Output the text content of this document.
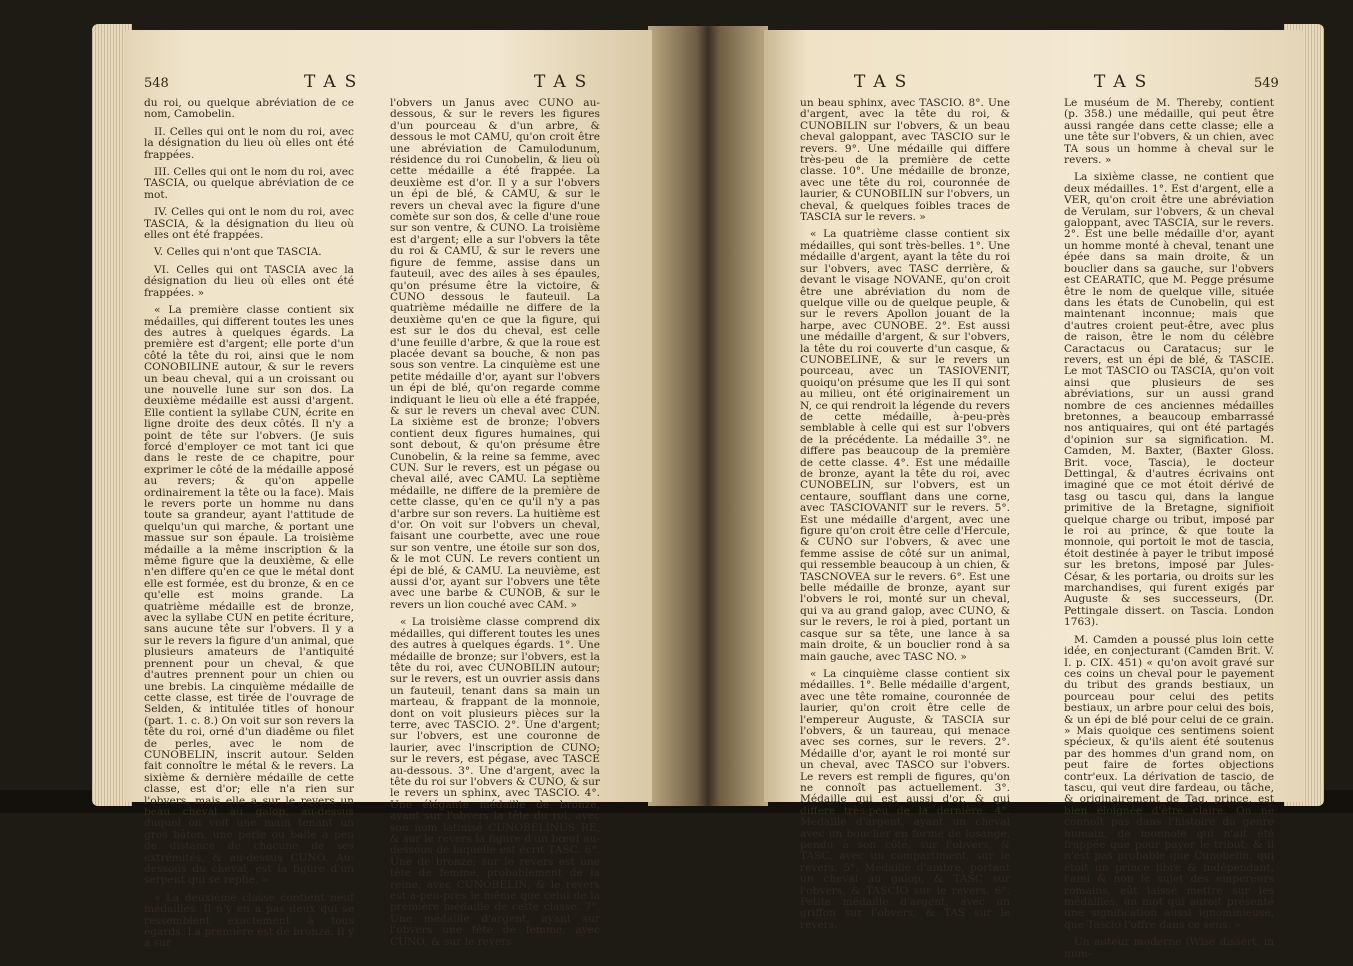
548	TAS	TAS

du roi, ou quelque abréviation de ce nom, Camobelin.

II. Celles qui ont le nom du roi, avec la désignation du lieu où elles ont été frappées.

III. Celles qui ont le nom du roi, avec TASCIA, ou quelque abréviation de ce mot.

IV. Celles qui ont le nom du roi, avec TASCIA, & la désignation du lieu où elles ont été frappées.

V. Celles qui n'ont que TASCIA.

VI. Celles qui ont TASCIA avec la désignation du lieu où elles ont été frappées. »

« La première classe contient six médailles, qui different toutes les unes des autres à quelques égards. La première est d'argent; elle porte d'un côté la tête du roi, ainsi que le nom CONOBILINE autour, & sur le revers un beau cheval, qui a un croissant ou une nouvelle lune sur son dos. La deuxième médaille est aussi d'argent. Elle contient la syllabe CUN, écrite en ligne droite des deux côtés. Il n'y a point de tête sur l'obvers. (Je suis forcé d'employer ce mot tant ici que dans le reste de ce chapitre, pour exprimer le côté de la médaille apposé au revers; & qu'on appelle ordinairement la tête ou la face). Mais le revers porte un homme nu dans toute sa grandeur, ayant l'attitude de quelqu'un qui marche, & portant une massue sur son épaule. La troisième médaille a la même inscription & la même figure que la deuxième, & elle n'en differe qu'en ce que le métal dont elle est formée, est du bronze, & en ce qu'elle est moins grande. La quatrième médaille est de bronze, avec la syllabe CUN en petite écriture, sans aucune tête sur l'obvers. Il y a sur le revers la figure d'un animal, que plusieurs amateurs de l'antiquité prennent pour un cheval, & que d'autres prennent pour un chien ou une brebis. La cinquième médaille de cette classe, est tirée de l'ouvrage de Selden, & intitulée titles of honour (part. 1. c. 8.) On voit sur son revers la tête du roi, orné d'un diadême ou filet de perles, avec le nom de CUNOBELIN, inscrit autour. Selden fait connoître le métal & le revers. La sixième & dernière médaille de cette classe, est d'or; elle n'a rien sur l'obvers, mais elle a sur le revers un beau cheval au galop, au-dessus duquel on voit une main tenant un gros bâton, une perle ou balle à peu de distance de chacune de ses extrémités, & au-dessus CUNO. Au-dessous du cheval, est la figure d'un serpent qui se replie. »

« La deuxième classe contient neuf médailles. Il n'y en a pas deux qui se ressemblent exactement à tous égards. La première est de bronze. Il y a sur

l'obvers un Janus avec CUNO au-dessous, & sur le revers les figures d'un pourceau & d'un arbre, & dessous le mot CAMU, qu'on croit être une abréviation de Camulodunum, résidence du roi Cunobelin, & lieu où cette médaille a été frappée. La deuxième est d'or. Il y a sur l'obvers un épi de blé, & CAMU, & sur le revers un cheval avec la figure d'une comète sur son dos, & celle d'une roue sur son ventre, & CUNO. La troisième est d'argent; elle a sur l'obvers la tête du roi & CAMU, & sur le revers une figure de femme, assise dans un fauteuil, avec des ailes à ses épaules, qu'on présume être la victoire, & CUNO dessous le fauteuil. La quatrième médaille ne differe de la deuxième qu'en ce que la figure, qui est sur le dos du cheval, est celle d'une feuille d'arbre, & que la roue est placée devant sa bouche, & non pas sous son ventre. La cinquième est une petite médaille d'or, ayant sur l'obvers un épi de blé, qu'on regarde comme indiquant le lieu où elle a été frappée, & sur le revers un cheval avec CUN. La sixième est de bronze; l'obvers contient deux figures humaines, qui sont debout, & qu'on présume être Cunobelin, & la reine sa femme, avec CUN. Sur le revers, est un pégase ou cheval ailé, avec CAMU. La septième médaille, ne differe de la première de cette classe, qu'en ce qu'il n'y a pas d'arbre sur son revers. La huitième est d'or. On voit sur l'obvers un cheval, faisant une courbette, avec une roue sur son ventre, une étoile sur son dos, & le mot CUN. Le revers contient un épi de blé, & CAMU. La neuvième, est aussi d'or, ayant sur l'obvers une tête avec une barbe & CUNOB, & sur le revers un lion couché avec CAM. »

« La troisième classe comprend dix médailles, qui different toutes les unes des autres à quelques égards. 1°. Une médaille de bronze; sur l'obvers, est la tête du roi, avec CUNOBILIN autour; sur le revers, est un ouvrier assis dans un fauteuil, tenant dans sa main un marteau, & frappant de la monnoie, dont on voit plusieurs pièces sur la terre, avec TASCIO. 2°. Une d'argent; sur l'obvers, est une couronne de laurier, avec l'inscription de CUNO; sur le revers, est pégase, avec TASCE au-dessous. 3°. Une d'argent, avec la tête du roi sur l'obvers & CUNO, & sur le revers un sphinx, avec TASCIO. 4°. Une élégante médaille de bronze, ayant sur l'obvers la tête du roi, avec son nom latinisé CUNOBELINUS RE, & sur le revers la figure d'un bœuf au-dessous de laquelle est écrit TASC. 6°. Une de bronze; sur le revers est une tête de femme, probablement de la reine, avec CUNOBELIN, & le revers est à-peu-près le même que celui de la première médaille de cette classe. 7°. Une médaille d'argent, ayant sur l'obvers une tête de femme, avec CUNO, & sur le revers

TAS	TAS	549

un beau sphinx, avec TASCIO. 8°. Une d'argent, avec la tête du roi, & CUNOBILIN sur l'obvers, & un beau cheval galoppant, avec TASCIO sur le revers. 9°. Une médaille qui differe très-peu de la première de cette classe. 10°. Une médaille de bronze, avec une tête du roi, couronnée de laurier, & CUNOBILIN sur l'obvers, un cheval, & quelques foibles traces de TASCIA sur le revers. »

« La quatrième classe contient six médailles, qui sont très-belles. 1°. Une médaille d'argent, ayant la tête du roi sur l'obvers, avec TASC derrière, & devant le visage NOVANE, qu'on croit être une abréviation du nom de quelque ville ou de quelque peuple, & sur le revers Apollon jouant de la harpe, avec CUNOBE. 2°. Est aussi une médaille d'argent, & sur l'obvers, la tête du roi couverte d'un casque, & CUNOBELINE, & sur le revers un pourceau, avec un TASIOVENIT, quoiqu'on présume que les II qui sont au milieu, ont été originairement un N, ce qui rendroit la légende du revers de cette médaille, à-peu-près semblable à celle qui est sur l'obvers de la précédente. La médaille 3°. ne differe pas beaucoup de la première de cette classe. 4°. Est une médaille de bronze, ayant la tête du roi, avec CUNOBELIN, sur l'obvers, est un centaure, soufflant dans une corne, avec TASCIOVANIT sur le revers. 5°. Est une médaille d'argent, avec une figure qu'on croit être celle d'Hercule, & CUNO sur l'obvers, & avec une femme assise de côté sur un animal, qui ressemble beaucoup à un chien, & TASCNOVEA sur le revers. 6°. Est une belle médaille de bronze, ayant sur l'obvers le roi, monté sur un cheval, qui va au grand galop, avec CUNO, & sur le revers, le roi à pied, portant un casque sur sa tête, une lance à sa main droite, & un bouclier rond à sa main gauche, avec TASC NO. »

« La cinquième classe contient six médailles. 1°. Belle médaille d'argent, avec une tête romaine, couronnée de laurier, qu'on croit être celle de l'empereur Auguste, & TASCIA sur l'obvers, & un taureau, qui menace avec ses cornes, sur le revers. 2°. Médaille d'or, ayant le roi monté sur un cheval, avec TASCO sur l'obvers. Le revers est rempli de figures, qu'on ne connoît pas actuellement. 3°. Médaille qui est aussi d'or, & qui differe très-peu de la dernière. 4°. Médaille d'argent, ayant un cheval avec un bouclier en forme de losange, pendu à son côté, sur l'obvers, & TASC, avec un compartiment, sur le revers. 5°. Médaille d'ambre, portant un cheval au galop, & TASC sur l'obvers, & TASCIO sur le revers. 6°. Petite médaille d'argent, avec un griffon sur l'obvers, & TAS sur le revers.

Le muséum de M. Thereby, contient (p. 358.) une médaille, qui peut être aussi rangée dans cette classe; elle a une tête sur l'obvers, & un chien, avec TA sous un homme à cheval sur le revers. »

La sixième classe, ne contient que deux médailles. 1°. Est d'argent, elle a VER, qu'on croit être une abréviation de Verulam, sur l'obvers, & un cheval galoppant, avec TASCIA, sur le revers. 2°. Est une belle médaille d'or, ayant un homme monté à cheval, tenant une épée dans sa main droite, & un bouclier dans sa gauche, sur l'obvers est CEARATIC, que M. Pegge présume être le nom de quelque ville, située dans les états de Cunobelin, qui est maintenant inconnue; mais que d'autres croient peut-être, avec plus de raison, être le nom du célèbre Caractacus ou Caratacus; sur le revers, est un épi de blé, & TASCIE. Le mot TASCIO ou TASCIA, qu'on voit ainsi que plusieurs de ses abréviations, sur un aussi grand nombre de ces anciennes médailles bretonnes, a beaucoup embarrassé nos antiquaires, qui ont été partagés d'opinion sur sa signification. M. Camden, M. Baxter, (Baxter Gloss. Brit. voce, Tascia), le docteur Dettingal, & d'autres écrivains ont imaginé que ce mot étoit dérivé de tasg ou tascu qui, dans la langue primitive de la Bretagne, signifioit quelque charge ou tribut, imposé par le roi au prince, & que toute la monnoie, qui portoit le mot de tascia, étoit destinée à payer le tribut imposé sur les bretons, imposé par Jules-César, & les portaria, ou droits sur les marchandises, qui furent exigés par Auguste & ses successeurs, (Dr. Pettingale dissert. on Tascia. London 1763).

M. Camden a poussé plus loin cette idée, en conjecturant (Camden Brit. V. I. p. CIX. 451) « qu'on avoit gravé sur ces coins un cheval pour le payement du tribut des grands bestiaux, un pourceau pour celui des petits bestiaux, un arbre pour celui des bois, & un épi de blé pour celui de ce grain. » Mais quoique ces sentimens soient spécieux, & qu'ils aient été soutenus par des hommes d'un grand nom, on peut faire de fortes objections contr'eux. La dérivation de tascio, de tascu, qui veut dire fardeau, ou tâche, & originairement de Tag, prince, est bien éloignée d'être claire. On ne connoît pas dans l'histoire du genre humain, de monnoie qui n'ait été frappée que pour payer le tribut; & il n'est pas probable que Cunobelin, qui étoit un prince libre & indépendant, l'ami & non le sujet des empereurs romains, eût laissé mettre sur les médailles, un mot qui auroit présenté une signification aussi ignominieuse, que Tascio l'offre dans ce sens. »

Un auteur moderne (Wise dissert. in num-
